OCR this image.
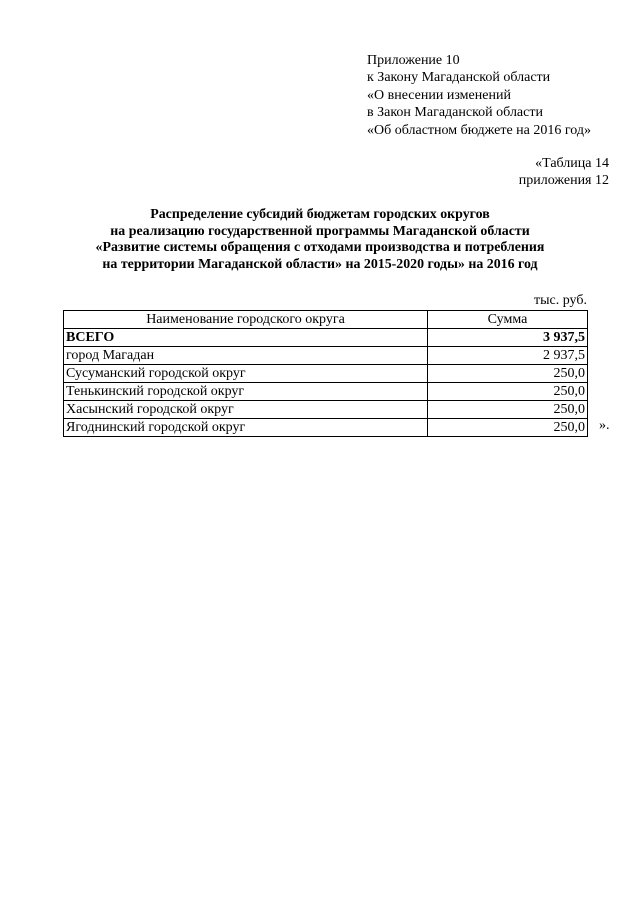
Приложение 10
к Закону Магаданской области
«О внесении изменений
в Закон Магаданской области
«Об областном бюджете на 2016 год»
«Таблица 14
приложения 12
Распределение субсидий бюджетам городских округов
на реализацию государственной программы Магаданской области
«Развитие системы обращения с отходами производства и потребления
на территории Магаданской области» на 2015-2020 годы» на 2016 год
тыс. руб.
Наименование городского округа	Сумма
ВСЕГО	3 937,5
город Магадан	2 937,5
Сусуманский городской округ	250,0
Тенькинский городской округ	250,0
Хасынский городской округ	250,0
Ягоднинский городской округ	250,0 ».
